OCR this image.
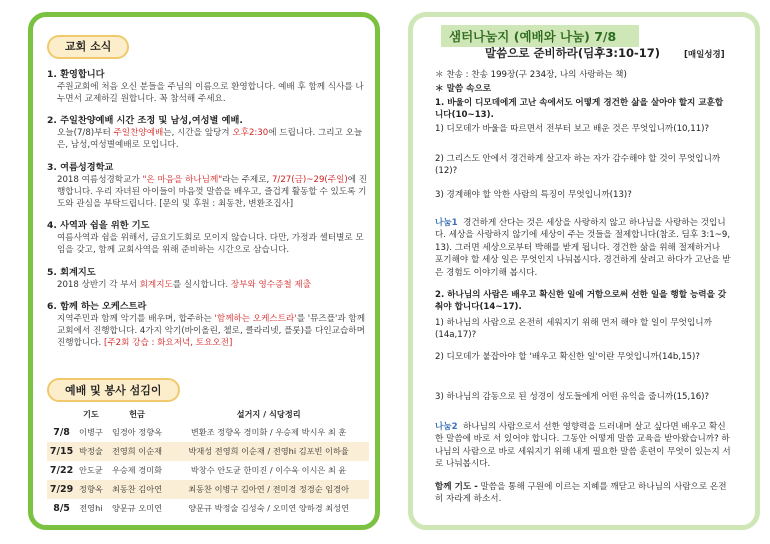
교회 소식
1. 환영합니다
주원교회에 처음 오신 분들을 주님의 이름으로 환영합니다. 예배 후 함께 식사를 나누면서 교제하길 원합니다. 꼭 참석해 주세요.
2. 주일찬양예배 시간 조정 및 남성,여성별 예배.
오늘(7/8)부터 주일찬양예배는, 시간을 앞당겨 오후2:30에 드립니다. 그리고 오늘은, 남성,여성별예배로 모입니다.
3. 여름성경학교
2018 여름성경학교가 "온 마음을 하나님께"라는 주제로, 7/27(금)~29(주일)에 진행합니다. 우리 자녀된 아이들이 마음껏 말씀을 배우고, 즐겁게 활동할 수 있도록 기도와 관심을 부탁드립니다. [문의 및 후원 : 최동찬, 변환조집사]
4. 사역과 쉼을 위한 기도
여름사역과 쉼을 위해서, 금요기도회로 모이지 않습니다. 다만, 가정과 셀터별로 모임을 갖고, 함께 교회사역을 위해 준비하는 시간으로 삼습니다.
5. 회계지도
2018 상반기 각 부서 회계지도를 실시합니다. 장부와 영수증철 제출
6. 함께 하는 오케스트라
지역주민과 함께 악기를 배우며, 합주하는 '함께하는 오케스트라'를 '뮤즈플'과 함께 교회에서 진행합니다. 4가지 악기(바이올린, 첼로, 클라리넷, 플룻)를 다인교습하며 진행합니다. [주2회 강습 : 화요저녁, 토요오전]
예배 및 봉사 섬김이
	기도	헌금	설거지 / 식당정리
7/8	이병구	임경아 정향옥	변환조 정향옥 경미화 / 우승제 박시우 최 훈
7/15	박정술	전영희 이순재	박재성 전영희 이순재 / 전영hi 김포빈 이하율
7/22	안도균	우승제 경미화	박창수 안도균 한미진 / 이수욱 이시은 최 윤
7/29	정향옥	최동찬 김아연	최동찬 이병구 김아연 / 전미경 정경순 임경아
8/5	전영hi	양문규 오미연	양문규 박정술 김성숙 / 오미연 양하경 최성연
샘터나눔지 (예배와 나눔) 7/8
말씀으로 준비하라(딤후3:10-17)	[매일성경]
＊ 찬송 : 찬송 199장(구 234장, 나의 사랑하는 책)
＊ 말씀 속으로
1. 바울이 디모데에게 고난 속에서도 어떻게 경건한 삶을 살아야 할지 교훈합니다(10~13).
1) 디모데가 바울을 따르면서 전부터 보고 배운 것은 무엇입니까(10,11)?
2) 그리스도 안에서 경건하게 살고자 하는 자가 감수해야 할 것이 무엇입니까(12)?
3) 경계해야 할 악한 사람의 특징이 무엇입니까(13)?
나눔1 경건하게 산다는 것은 세상을 사랑하지 않고 하나님을 사랑하는 것입니다. 세상을 사랑하지 않기에 세상이 주는 것들을 절제합니다(참조. 딤후 3:1~9, 13). 그러면 세상으로부터 박해를 받게 됩니다. 경건한 삶을 위해 절제하거나 포기해야 할 세상 일은 무엇인지 나눠봅시다. 경건하게 살려고 하다가 고난을 받은 경험도 이야기해 봅시다.
2. 하나님의 사람은 배우고 확신한 일에 거함으로써 선한 일을 행할 능력을 갖춰야 합니다(14~17).
1) 하나님의 사람으로 온전히 세워지기 위해 먼저 해야 할 일이 무엇입니까(14a,17)?
2) 디모데가 붙잡아야 할 '배우고 확신한 일'이란 무엇입니까(14b,15)?
3) 하나님의 감동으로 된 성경이 성도들에게 어떤 유익을 줍니까(15,16)?
나눔2 하나님의 사람으로서 선한 영향력을 드러내며 살고 싶다면 배우고 확신한 말씀에 바로 서 있어야 합니다. 그동안 어떻게 말씀 교육을 받아왔습니까? 하나님의 사람으로 바로 세워지기 위해 내게 필요한 말씀 훈련이 무엇이 있는지 서로 나눠봅시다.
함께 기도 - 말씀을 통해 구원에 이르는 지혜를 깨닫고 하나님의 사람으로 온전히 자라게 하소서.
